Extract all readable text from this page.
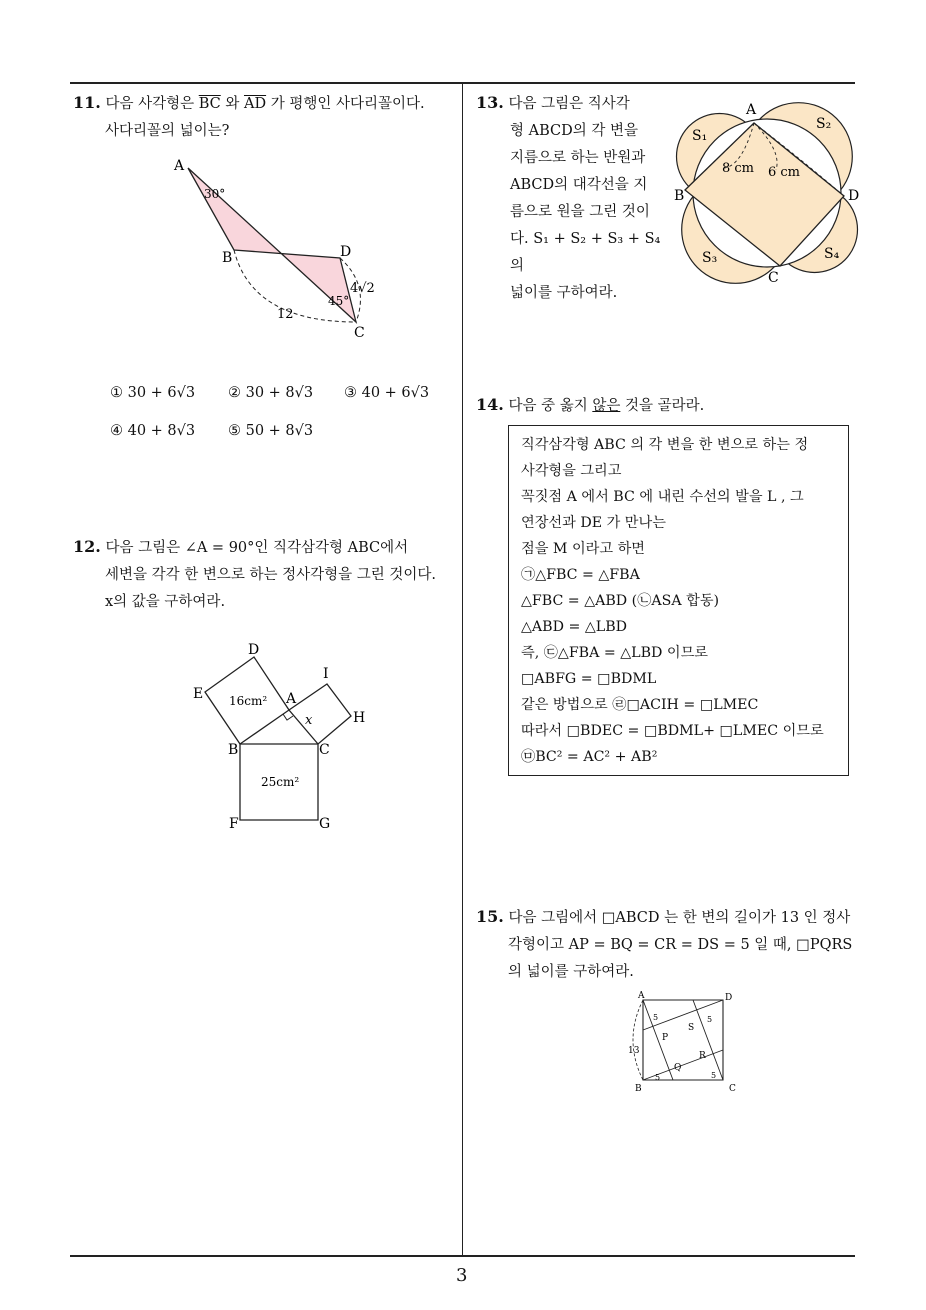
3
11. 다음 사각형은 $\overline{BC}$ 와 $\overline{AD}$ 가 평행인 사다리꼴이다.
사다리꼴의 넓이는?
A
B
C
D
30°
45°
12
4√2
① 30 + 6√3 ② 30 + 8√3 ③ 40 + 6√3
④ 40 + 8√3 ⑤ 50 + 8√3
12. 다음 그림은 ∠A = 90°인 직각삼각형 ABC에서
세변을 각각 한 변으로 하는 정사각형을 그린 것이다.
x의 값을 구하여라.
D
E
I
A
H
B	C
F	G
x
16cm²
25cm²
13. 다음 그림은 직사각
형 ABCD의 각 변을
지름으로 하는 반원과
ABCD의 대각선을 지
름으로 원을 그린 것이
다. S₁ + S₂ + S₃ + S₄ 의
넓이를 구하여라.
A
B
C
D
S₁
S₂
S₃	S₄
8 cm 6 cm
14. 다음 중 옳지 않은 것을 골라라.
직각삼각형 ABC 의 각 변을 한 변으로 하는 정
사각형을 그리고
꼭짓점 A 에서 BC 에 내린 수선의 발을 L , 그
연장선과 DE 가 만나는
점을 M 이라고 하면
㉠△FBC = △FBA
△FBC = △ABD (㉡ASA 합동)
△ABD = △LBD
즉, ㉢△FBA = △LBD 이므로
□ABFG = □BDML
같은 방법으로 ㉣□ACIH = □LMEC
따라서 □BDEC = □BDML+ □LMEC 이므로
㉤BC² = AC² + AB²
15. 다음 그림에서 □ABCD 는 한 변의 길이가 13 인 정사
각형이고 AP = BQ = CR = DS = 5 일 때, □PQRS
의 넓이를 구하여라.
A	D
B	C
P
Q
R
S
13
5
5	5
5
